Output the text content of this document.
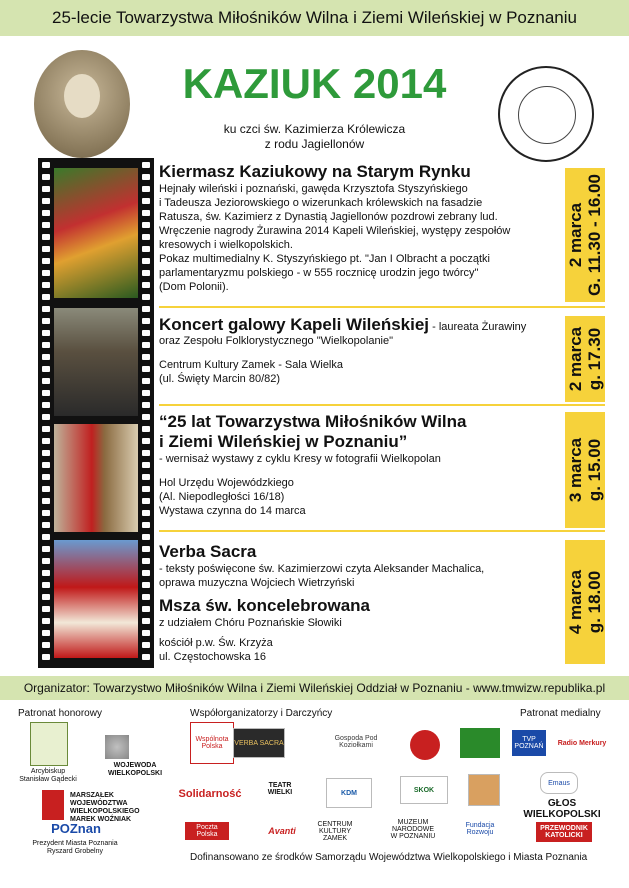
25-lecie Towarzystwa Miłośników Wilna i Ziemi Wileńskiej w Poznaniu
KAZIUK 2014
ku czci św. Kazimierza Królewicza
z rodu Jagiellonów
Kiermasz Kaziukowy na Starym Rynku

Hejnały wileński i poznański, gawęda Krzysztofa Styszyńskiego

i Tadeusza Jeziorowskiego o wizerunkach królewskich na fasadzie

Ratusza, św. Kazimierz z Dynastią Jagiellonów pozdrowi zebrany lud.

Wręczenie nagrody Żurawina 2014 Kapeli Wileńskiej, występy zespołów

kresowych i wielkopolskich.

Pokaz multimedialny K. Styszyńskiego pt. "Jan I Olbracht a początki

parlamentaryzmu polskiego - w 555 rocznicę urodzin jego twórcy"

(Dom Polonii).

2 marca G. 11.30 - 16.00

Koncert galowy Kapeli Wileńskiej - laureata Żurawiny

oraz Zespołu Folklorystycznego "Wielkopolanie"

Centrum Kultury Zamek - Sala Wielka

(ul. Święty Marcin 80/82)	2 marca g. 17.30
“25 lat Towarzystwa Miłośników Wilna
i Ziemi Wileńskiej w Poznaniu”

- wernisaż wystawy z cyklu Kresy w fotografii Wielkopolan

Hol Urzędu Wojewódzkiego

(Al. Niepodległości 16/18)

Wystawa czynna do 14 marca

3 marca g. 15.00
Verba Sacra

- teksty poświęcone św. Kazimierzowi czyta Aleksander Machalica,

oprawa muzyczna Wojciech Wietrzyński

Msza św. koncelebrowana

z udziałem Chóru Poznańskie Słowiki

kościół p.w. Św. Krzyża

ul. Częstochowska 16

4 marca g. 18.00
Organizator: Towarzystwo Miłośników Wilna i Ziemi Wileńskiej Oddział w Poznaniu - www.tmwizw.republika.pl
Patronat honorowy	Współorganizatorzy i Darczyńcy	Patronat medialny
Arcybiskup
Stanisław Gądecki
WOJEWODA WIELKOPOLSKI
MARSZAŁEK WOJEWÓDZTWA
WIELKOPOLSKIEGO
MAREK WOŹNIAK
POZnan
Prezydent Miasta Poznania
Ryszard Grobelny
Wspólnota Polska	VERBA SACRA
Gospoda Pod Koziołkami
Solidarność
TEATR WIELKI	KDM	SKOK
Poczta Polska	Avanti
CENTRUM KULTURY ZAMEK
MUZEUM NARODOWE W POZNANIU
Fundacja Rozwoju
TVP POZNAŃ	Radio Merkury
Emaus
GŁOS WIELKOPOLSKI
PRZEWODNIK KATOLICKI
Dofinansowano ze środków Samorządu Województwa Wielkopolskiego i Miasta Poznania
